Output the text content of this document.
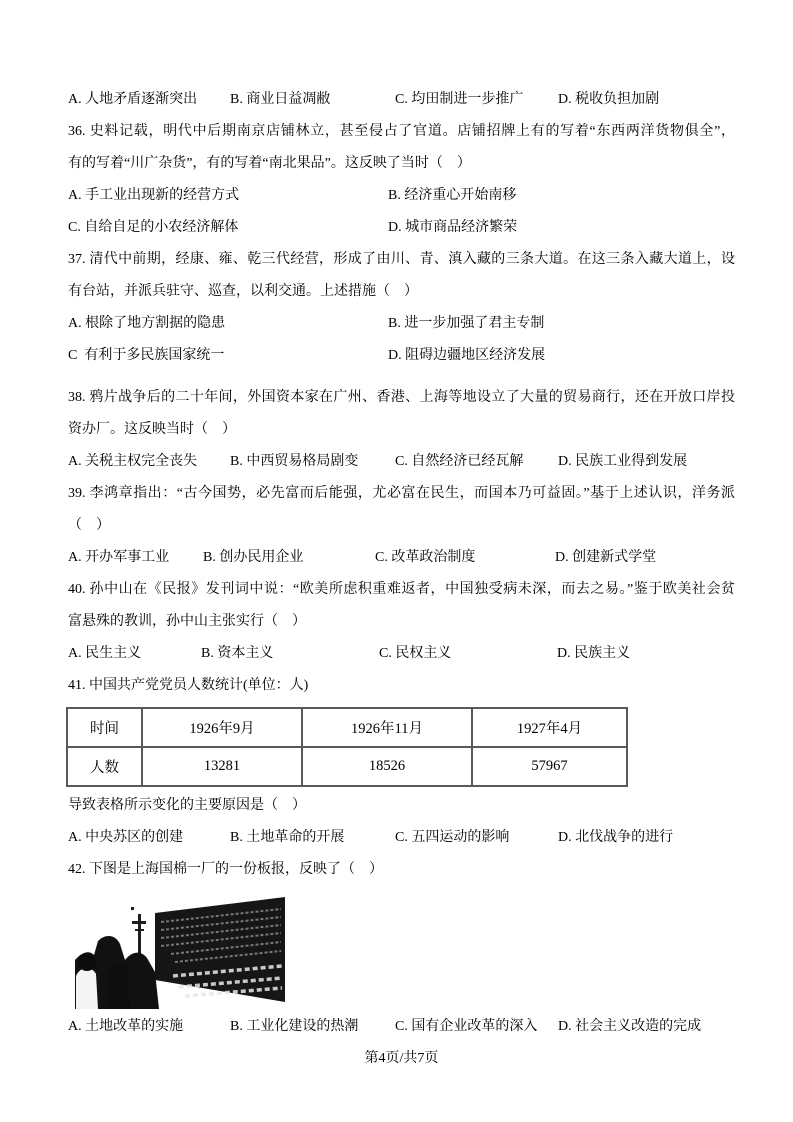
A. 人地矛盾逐渐突出	B. 商业日益凋敝	C. 均田制进一步推广	D. 税收负担加剧
36. 史料记载，明代中后期南京店铺林立，甚至侵占了官道。店铺招牌上有的写着“东西两洋货物俱全”，
有的写着“川广杂货”，有的写着“南北果品”。这反映了当时（　）
A. 手工业出现新的经营方式	B. 经济重心开始南移
C. 自给自足的小农经济解体	D. 城市商品经济繁荣
37. 清代中前期，经康、雍、乾三代经营，形成了由川、青、滇入藏的三条大道。在这三条入藏大道上，设
有台站，并派兵驻守、巡查，以利交通。上述措施（　）
A. 根除了地方割据的隐患	B. 进一步加强了君主专制
C  有利于多民族国家统一	D. 阻碍边疆地区经济发展
38. 鸦片战争后的二十年间，外国资本家在广州、香港、上海等地设立了大量的贸易商行，还在开放口岸投
资办厂。这反映当时（　）
A. 关税主权完全丧失	B. 中西贸易格局剧变	C. 自然经济已经瓦解	D. 民族工业得到发展
39. 李鸿章指出：“古今国势，必先富而后能强，尤必富在民生，而国本乃可益固。”基于上述认识，洋务派
（　）
A. 开办军事工业	B. 创办民用企业	C. 改革政治制度	D. 创建新式学堂
40. 孙中山在《民报》发刊词中说：“欧美所虑积重难返者，中国独受病未深，而去之易。”鉴于欧美社会贫
富悬殊的教训，孙中山主张实行（　）
A. 民生主义	B. 资本主义	C. 民权主义	D. 民族主义
41. 中国共产党党员人数统计(单位：人)
时间	1926年9月	1926年11月	1927年4月
人数	13281	18526	57967
导致表格所示变化的主要原因是（　）
A. 中央苏区的创建	B. 土地革命的开展	C. 五四运动的影响	D. 北伐战争的进行
42. 下图是上海国棉一厂的一份板报，反映了（　）
A. 土地改革的实施	B. 工业化建设的热潮	C. 国有企业改革的深入	D. 社会主义改造的完成
第4页/共7页
